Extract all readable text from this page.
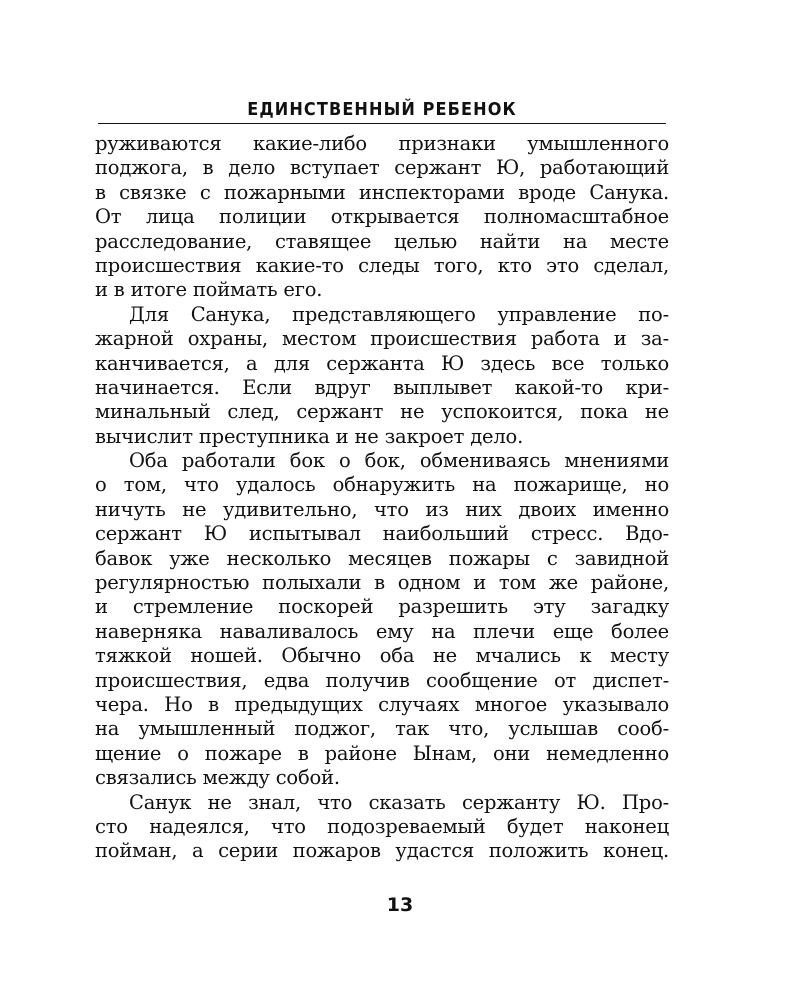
ЕДИНСТВЕННЫЙ РЕБЕНОК
руживаются какие-либо признаки умышленного
поджога, в дело вступает сержант Ю, работающий
в связке с пожарными инспекторами вроде Санука.
От лица полиции открывается полномасштабное
расследование, ставящее целью найти на месте
происшествия какие-то следы того, кто это сделал,
и в итоге поймать его.
Для Санука, представляющего управление по-
жарной охраны, местом происшествия работа и за-
канчивается, а для сержанта Ю здесь все только
начинается. Если вдруг выплывет какой-то кри-
минальный след, сержант не успокоится, пока не
вычислит преступника и не закроет дело.
Оба работали бок о бок, обмениваясь мнениями
о том, что удалось обнаружить на пожарище, но
ничуть не удивительно, что из них двоих именно
сержант Ю испытывал наибольший стресс. Вдо-
бавок уже несколько месяцев пожары с завидной
регулярностью полыхали в одном и том же районе,
и стремление поскорей разрешить эту загадку
наверняка наваливалось ему на плечи еще более
тяжкой ношей. Обычно оба не мчались к месту
происшествия, едва получив сообщение от диспет-
чера. Но в предыдущих случаях многое указывало
на умышленный поджог, так что, услышав сооб-
щение о пожаре в районе Ынам, они немедленно
связались между собой.
Санук не знал, что сказать сержанту Ю. Про-
сто надеялся, что подозреваемый будет наконец
пойман, а серии пожаров удастся положить конец.
13
